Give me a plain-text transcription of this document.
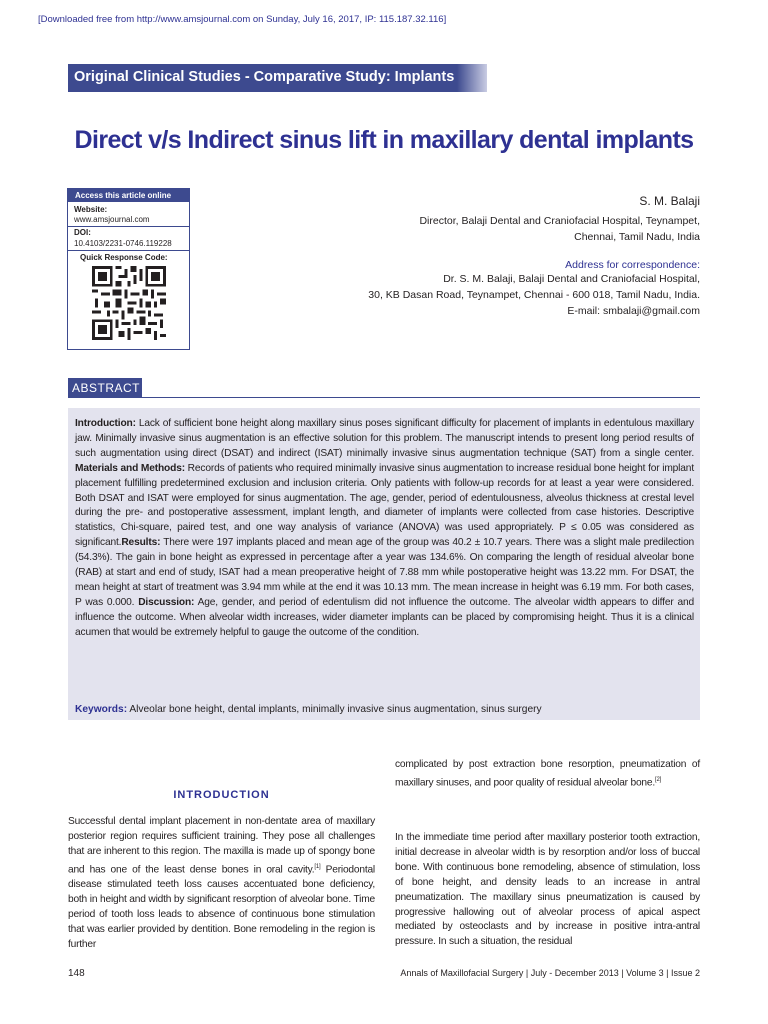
[Downloaded free from http://www.amsjournal.com on Sunday, July 16, 2017, IP: 115.187.32.116]
Original Clinical Studies - Comparative Study: Implants
Direct v/s Indirect sinus lift in maxillary dental implants
Access this article online
Website:
www.amsjournal.com
DOI:
10.4103/2231-0746.119228
Quick Response Code:
S. M. Balaji
Director, Balaji Dental and Craniofacial Hospital, Teynampet,
Chennai, Tamil Nadu, India
Address for correspondence:
Dr. S. M. Balaji, Balaji Dental and Craniofacial Hospital,
30, KB Dasan Road, Teynampet, Chennai - 600 018, Tamil Nadu, India.
E-mail: smbalaji@gmail.com
ABSTRACT
Introduction: Lack of sufficient bone height along maxillary sinus poses significant difficulty for placement of implants in edentulous maxillary jaw. Minimally invasive sinus augmentation is an effective solution for this problem. The manuscript intends to present long period results of such augmentation using direct (DSAT) and indirect (ISAT) minimally invasive sinus augmentation technique (SAT) from a single center. Materials and Methods: Records of patients who required minimally invasive sinus augmentation to increase residual bone height for implant placement fulfilling predetermined exclusion and inclusion criteria. Only patients with follow-up records for at least a year were considered. Both DSAT and ISAT were employed for sinus augmentation. The age, gender, period of edentulousness, alveolus thickness at crestal level during the pre- and postoperative assessment, implant length, and diameter of implants were collected from case histories. Descriptive statistics, Chi-square, paired test, and one way analysis of variance (ANOVA) was used appropriately. P ≤ 0.05 was considered as significant.Results: There were 197 implants placed and mean age of the group was 40.2 ± 10.7 years. There was a slight male predilection (54.3%). The gain in bone height as expressed in percentage after a year was 134.6%. On comparing the length of residual alveolar bone (RAB) at start and end of study, ISAT had a mean preoperative height of 7.88 mm while postoperative height was 13.22 mm. For DSAT, the mean height at start of treatment was 3.94 mm while at the end it was 10.13 mm. The mean increase in height was 6.19 mm. For both cases, P was 0.000. Discussion: Age, gender, and period of edentulism did not influence the outcome. The alveolar width appears to differ and influence the outcome. When alveolar width increases, wider diameter implants can be placed by compromising height. Thus it is a clinical acumen that would be extremely helpful to gauge the outcome of the condition.
Keywords: Alveolar bone height, dental implants, minimally invasive sinus augmentation, sinus surgery
INTRODUCTION
Successful dental implant placement in non-dentate area of maxillary posterior region requires sufficient training. They pose all challenges that are inherent to this region. The maxilla is made up of spongy bone and has one of the least dense bones in oral cavity.[1] Periodontal disease stimulated teeth loss causes accentuated bone deficiency, both in height and width by significant resorption of alveolar bone. Time period of tooth loss leads to absence of continuous bone stimulation that was earlier provided by dentition. Bone remodeling in the region is further
complicated by post extraction bone resorption, pneumatization of maxillary sinuses, and poor quality of residual alveolar bone.[2]
In the immediate time period after maxillary posterior tooth extraction, initial decrease in alveolar width is by resorption and/or loss of buccal bone. With continuous bone remodeling, absence of stimulation, loss of bone height, and density leads to an increase in antral pneumatization. The maxillary sinus pneumatization is caused by progressive hallowing out of alveolar process of apical aspect mediated by osteoclasts and by increase in positive intra-antral pressure. In such a situation, the residual
148	Annals of Maxillofacial Surgery | July - December 2013 | Volume 3 | Issue 2
